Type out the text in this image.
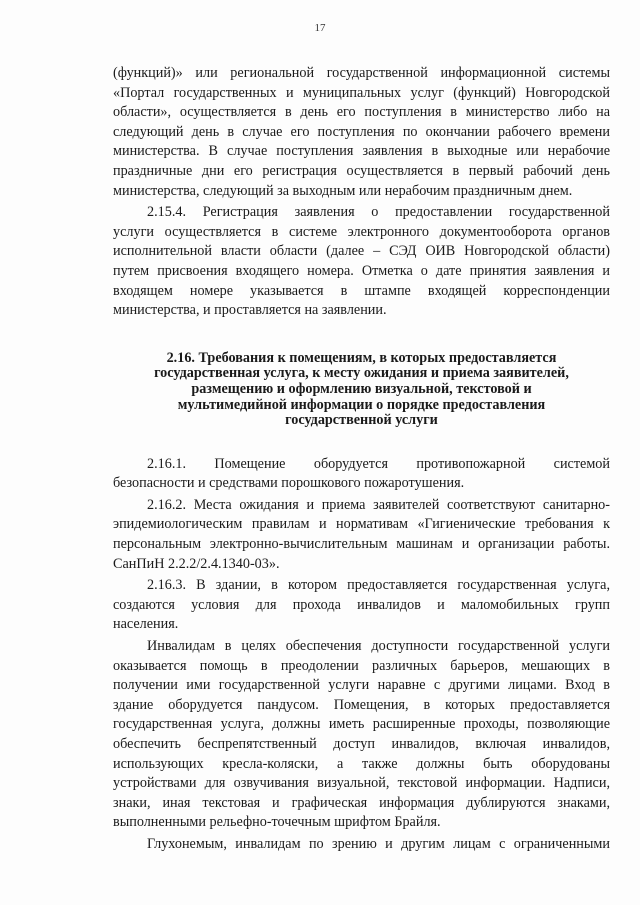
17
(функций)» или региональной государственной информационной системы
«Портал государственных и муниципальных услуг (функций) Новгородской
области», осуществляется в день его поступления в министерство либо на
следующий день в случае его поступления по окончании рабочего времени
министерства. В случае поступления заявления в выходные или нерабочие
праздничные дни его регистрация осуществляется в первый рабочий день
министерства, следующий за выходным или нерабочим праздничным днем.
2.15.4. Регистрация заявления о предоставлении государственной
услуги осуществляется в системе электронного документооборота органов
исполнительной власти области (далее – СЭД ОИВ Новгородской области)
путем присвоения входящего номера. Отметка о дате принятия заявления и
входящем номере указывается в штампе входящей корреспонденции
министерства, и проставляется на заявлении.
2.16. Требования к помещениям, в которых предоставляется
государственная услуга, к месту ожидания и приема заявителей,
размещению и оформлению визуальной, текстовой и
мультимедийной информации о порядке предоставления
государственной услуги
2.16.1. Помещение оборудуется противопожарной системой
безопасности и средствами порошкового пожаротушения.
2.16.2. Места ожидания и приема заявителей соответствуют санитарно-
эпидемиологическим правилам и нормативам «Гигиенические требования к
персональным электронно-вычислительным машинам и организации работы.
СанПиН 2.2.2/2.4.1340-03».
2.16.3. В здании, в котором предоставляется государственная услуга,
создаются условия для прохода инвалидов и маломобильных групп
населения.
Инвалидам в целях обеспечения доступности государственной услуги
оказывается помощь в преодолении различных барьеров, мешающих в
получении ими государственной услуги наравне с другими лицами. Вход в
здание оборудуется пандусом. Помещения, в которых предоставляется
государственная услуга, должны иметь расширенные проходы, позволяющие
обеспечить беспрепятственный доступ инвалидов, включая инвалидов,
использующих кресла-коляски, а также должны быть оборудованы
устройствами для озвучивания визуальной, текстовой информации. Надписи,
знаки, иная текстовая и графическая информация дублируются знаками,
выполненными рельефно-точечным шрифтом Брайля.
Глухонемым, инвалидам по зрению и другим лицам с ограниченными
